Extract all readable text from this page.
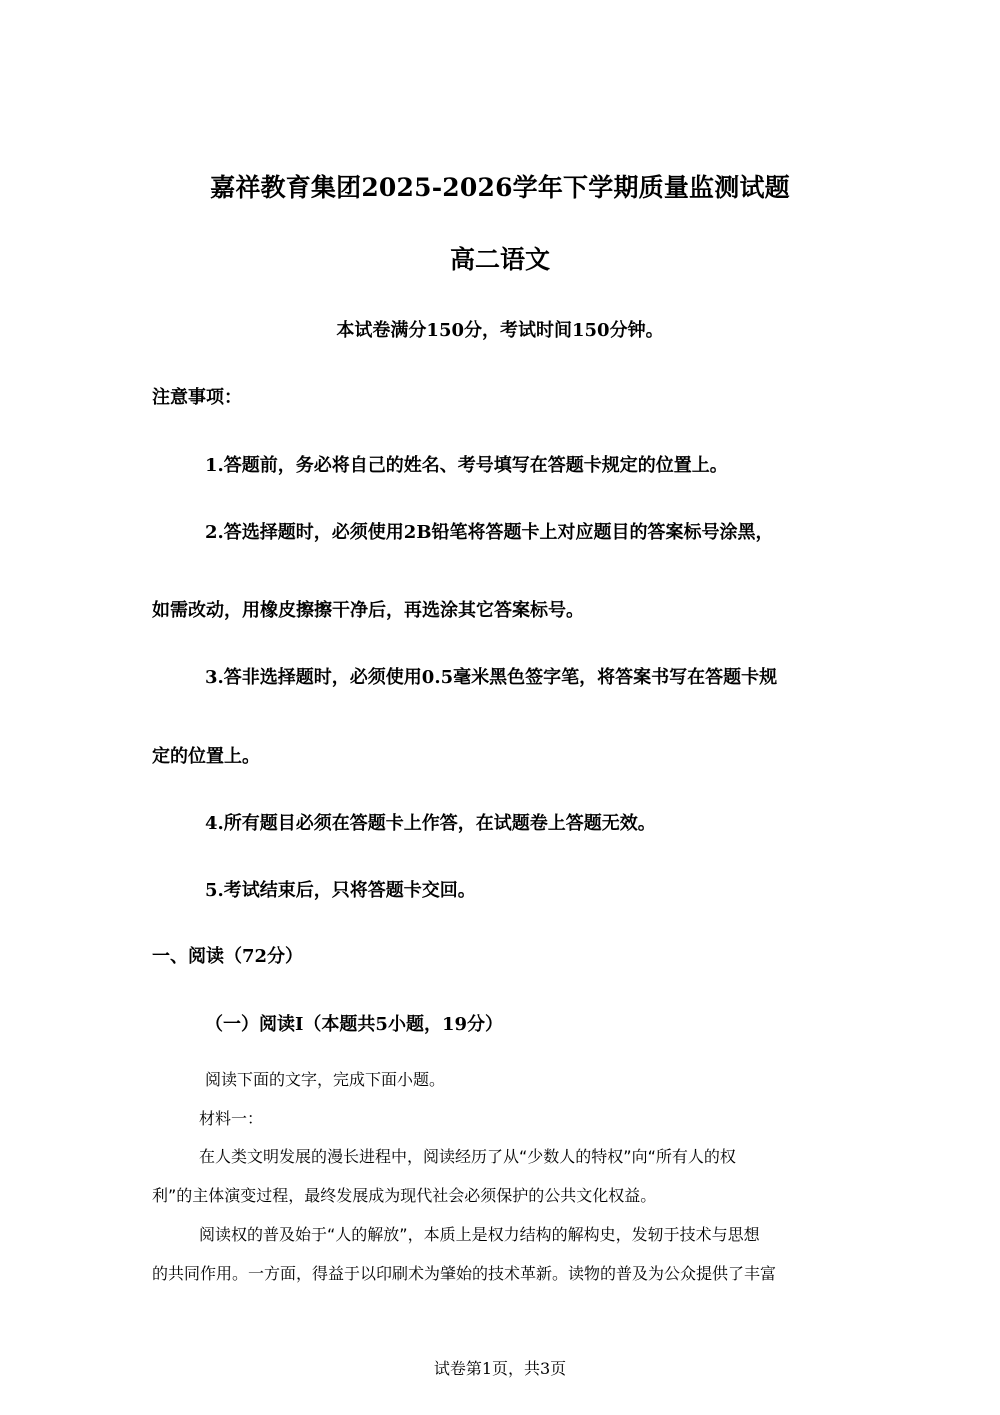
嘉祥教育集团2025-2026学年下学期质量监测试题
高二语文

本试卷满分150分，考试时间150分钟。

注意事项：

1.答题前，务必将自己的姓名、考号填写在答题卡规定的位置上。

2.答选择题时，必须使用2B铅笔将答题卡上对应题目的答案标号涂黑，

如需改动，用橡皮擦擦干净后，再选涂其它答案标号。

3.答非选择题时，必须使用0.5毫米黑色签字笔，将答案书写在答题卡规

定的位置上。

4.所有题目必须在答题卡上作答，在试题卷上答题无效。

5.考试结束后，只将答题卡交回。

一、阅读（72分）
（一）阅读Ⅰ（本题共5小题，19分）

阅读下面的文字，完成下面小题。

材料一：

在人类文明发展的漫长进程中，阅读经历了从“少数人的特权”向“所有人的权

利”的主体演变过程，最终发展成为现代社会必须保护的公共文化权益。

阅读权的普及始于“人的解放”，本质上是权力结构的解构史，发轫于技术与思想

的共同作用。一方面，得益于以印刷术为肇始的技术革新。读物的普及为公众提供了丰富

试卷第1页，共3页
